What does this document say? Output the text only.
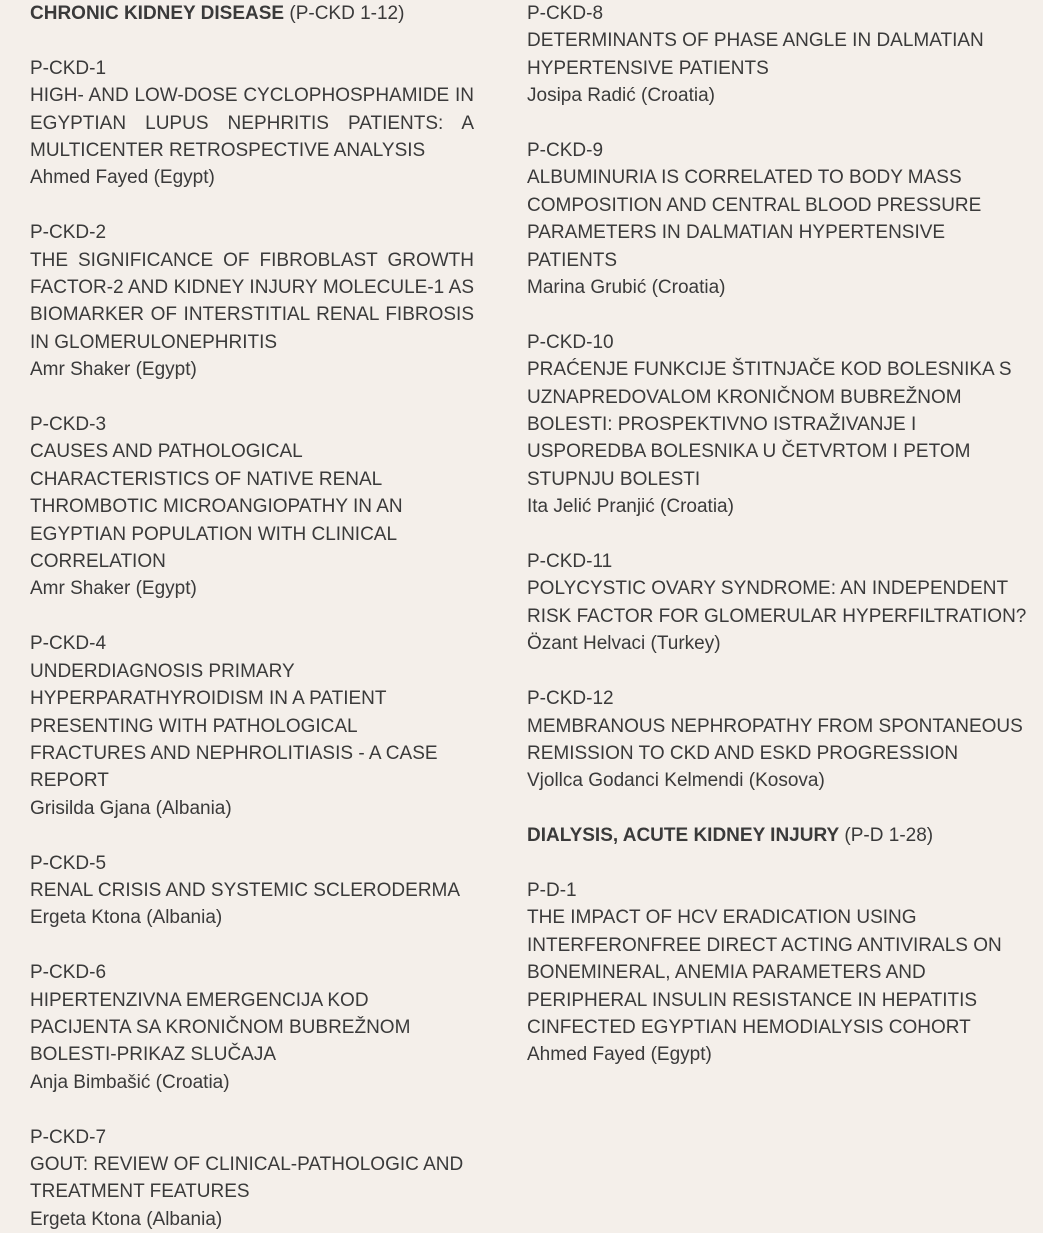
CHRONIC KIDNEY DISEASE (P-CKD 1-12)

P-CKD-1
HIGH- AND LOW-DOSE CYCLOPHOSPHAMIDE IN EGYPTIAN LUPUS NEPHRITIS PATIENTS: A MULTICENTER RETROSPECTIVE ANALYSIS
Ahmed Fayed (Egypt)
P-CKD-2
THE SIGNIFICANCE OF FIBROBLAST GROWTH FACTOR-2 AND KIDNEY INJURY MOLECULE-1 AS BIOMARKER OF INTERSTITIAL RENAL FIBROSIS IN GLOMERULONEPHRITIS
Amr Shaker (Egypt)
P-CKD-3
CAUSES AND PATHOLOGICAL CHARACTERISTICS OF NATIVE RENAL THROMBOTIC MICROANGIOPATHY IN AN EGYPTIAN POPULATION WITH CLINICAL CORRELATION
Amr Shaker (Egypt)
P-CKD-4
UNDERDIAGNOSIS PRIMARY HYPERPARATHYROIDISM IN A PATIENT PRESENTING WITH PATHOLOGICAL FRACTURES AND NEPHROLITIASIS - A CASE REPORT
Grisilda Gjana (Albania)
P-CKD-5
RENAL CRISIS AND SYSTEMIC SCLERODERMA
Ergeta Ktona (Albania)
P-CKD-6
HIPERTENZIVNA EMERGENCIJA KOD PACIJENTA SA KRONIČNOM BUBREŽNOM BOLESTI-PRIKAZ SLUČAJA
Anja Bimbašić (Croatia)
P-CKD-7
GOUT: REVIEW OF CLINICAL-PATHOLOGIC AND TREATMENT FEATURES
Ergeta Ktona (Albania)
P-CKD-8
DETERMINANTS OF PHASE ANGLE IN DALMATIAN HYPERTENSIVE PATIENTS
Josipa Radić (Croatia)
P-CKD-9
ALBUMINURIA IS CORRELATED TO BODY MASS COMPOSITION AND CENTRAL BLOOD PRESSURE PARAMETERS IN DALMATIAN HYPERTENSIVE PATIENTS
Marina Grubić (Croatia)
P-CKD-10
PRAĆENJE FUNKCIJE ŠTITNJAČE KOD BOLESNIKA S UZNAPREDOVALOM KRONIČNOM BUBREŽNOM BOLESTI: PROSPEKTIVNO ISTRAŽIVANJE I USPOREDBA BOLESNIKA U ČETVRTOM I PETOM STUPNJU BOLESTI
Ita Jelić Pranjić (Croatia)
P-CKD-11
POLYCYSTIC OVARY SYNDROME: AN INDEPENDENT RISK FACTOR FOR GLOMERULAR HYPERFILTRATION?
Özant Helvaci (Turkey)
P-CKD-12
MEMBRANOUS NEPHROPATHY FROM SPONTANEOUS REMISSION TO CKD AND ESKD PROGRESSION
Vjollca Godanci Kelmendi (Kosova)

DIALYSIS, ACUTE KIDNEY INJURY (P-D 1-28)

P-D-1
THE IMPACT OF HCV ERADICATION USING INTERFERONFREE DIRECT ACTING ANTIVIRALS ON BONEMINERAL, ANEMIA PARAMETERS AND PERIPHERAL INSULIN RESISTANCE IN HEPATITIS CINFECTED EGYPTIAN HEMODIALYSIS COHORT
Ahmed Fayed (Egypt)
